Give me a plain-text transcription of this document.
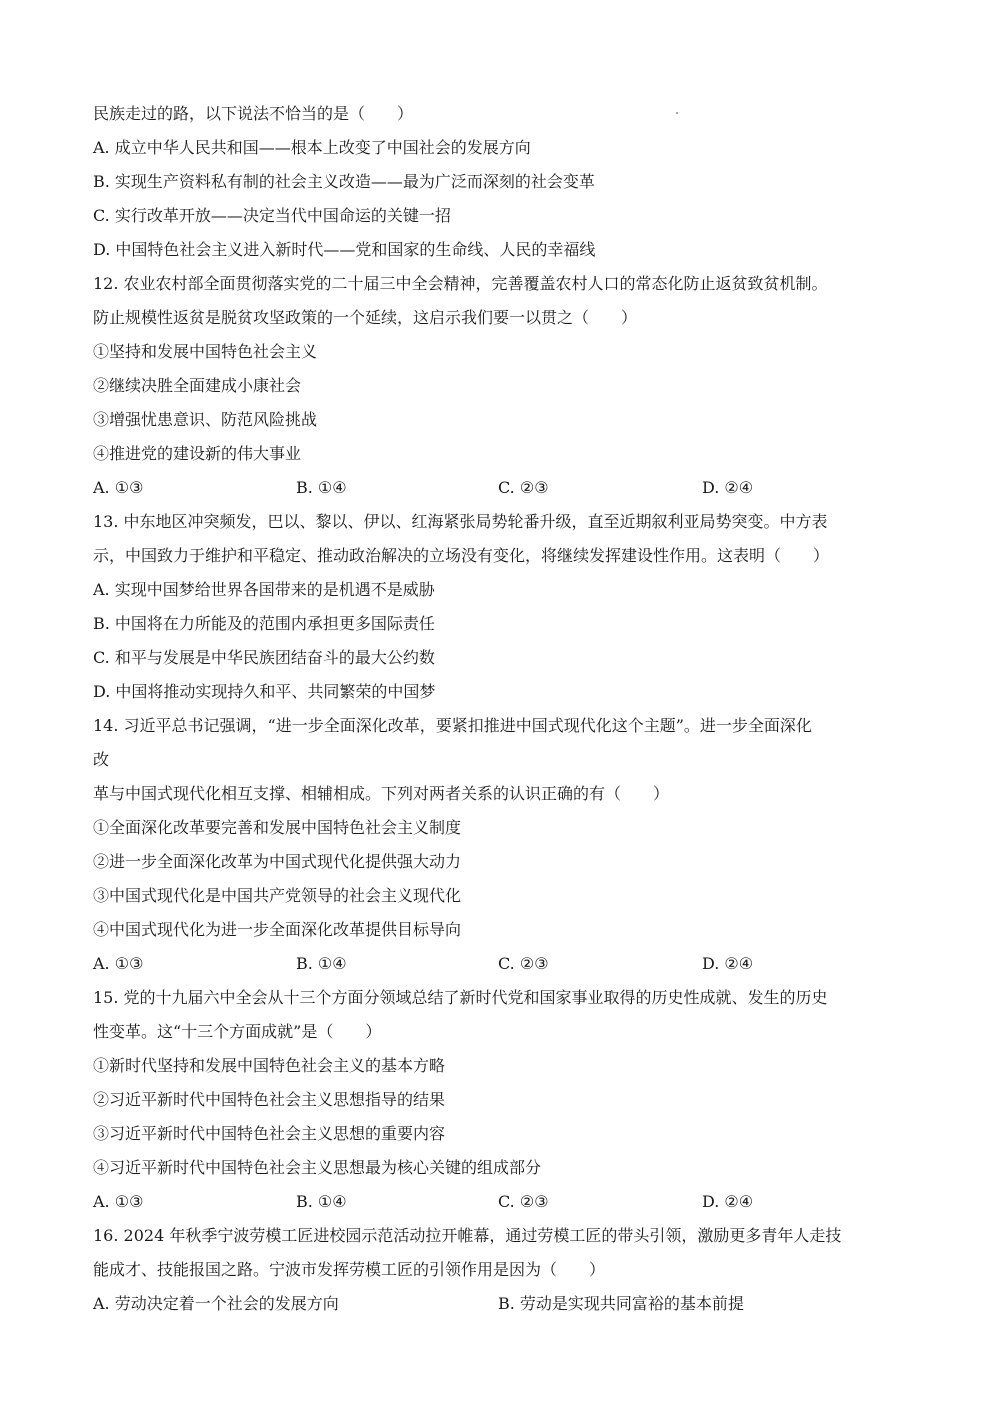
民族走过的路，以下说法不恰当的是（　　）
A. 成立中华人民共和国——根本上改变了中国社会的发展方向
B. 实现生产资料私有制的社会主义改造——最为广泛而深刻的社会变革
C. 实行改革开放——决定当代中国命运的关键一招
D. 中国特色社会主义进入新时代——党和国家的生命线、人民的幸福线
12. 农业农村部全面贯彻落实党的二十届三中全会精神，完善覆盖农村人口的常态化防止返贫致贫机制。
防止规模性返贫是脱贫攻坚政策的一个延续，这启示我们要一以贯之（　　）
①坚持和发展中国特色社会主义
②继续决胜全面建成小康社会
③增强忧患意识、防范风险挑战
④推进党的建设新的伟大事业
A. ①③	B. ①④	C. ②③	D. ②④
13. 中东地区冲突频发，巴以、黎以、伊以、红海紧张局势轮番升级，直至近期叙利亚局势突变。中方表
示，中国致力于维护和平稳定、推动政治解决的立场没有变化，将继续发挥建设性作用。这表明（　　）
A. 实现中国梦给世界各国带来的是机遇不是威胁
B. 中国将在力所能及的范围内承担更多国际责任
C. 和平与发展是中华民族团结奋斗的最大公约数
D. 中国将推动实现持久和平、共同繁荣的中国梦
14. 习近平总书记强调，“进一步全面深化改革，要紧扣推进中国式现代化这个主题”。进一步全面深化
改
革与中国式现代化相互支撑、相辅相成。下列对两者关系的认识正确的有（　　）
①全面深化改革要完善和发展中国特色社会主义制度
②进一步全面深化改革为中国式现代化提供强大动力
③中国式现代化是中国共产党领导的社会主义现代化
④中国式现代化为进一步全面深化改革提供目标导向
A. ①③	B. ①④	C. ②③	D. ②④
15. 党的十九届六中全会从十三个方面分领域总结了新时代党和国家事业取得的历史性成就、发生的历史
性变革。这“十三个方面成就”是（　　）
①新时代坚持和发展中国特色社会主义的基本方略
②习近平新时代中国特色社会主义思想指导的结果
③习近平新时代中国特色社会主义思想的重要内容
④习近平新时代中国特色社会主义思想最为核心关键的组成部分
A. ①③	B. ①④	C. ②③	D. ②④
16. 2024 年秋季宁波劳模工匠进校园示范活动拉开帷幕，通过劳模工匠的带头引领，激励更多青年人走技
能成才、技能报国之路。宁波市发挥劳模工匠的引领作用是因为（　　）
A. 劳动决定着一个社会的发展方向	B. 劳动是实现共同富裕的基本前提
